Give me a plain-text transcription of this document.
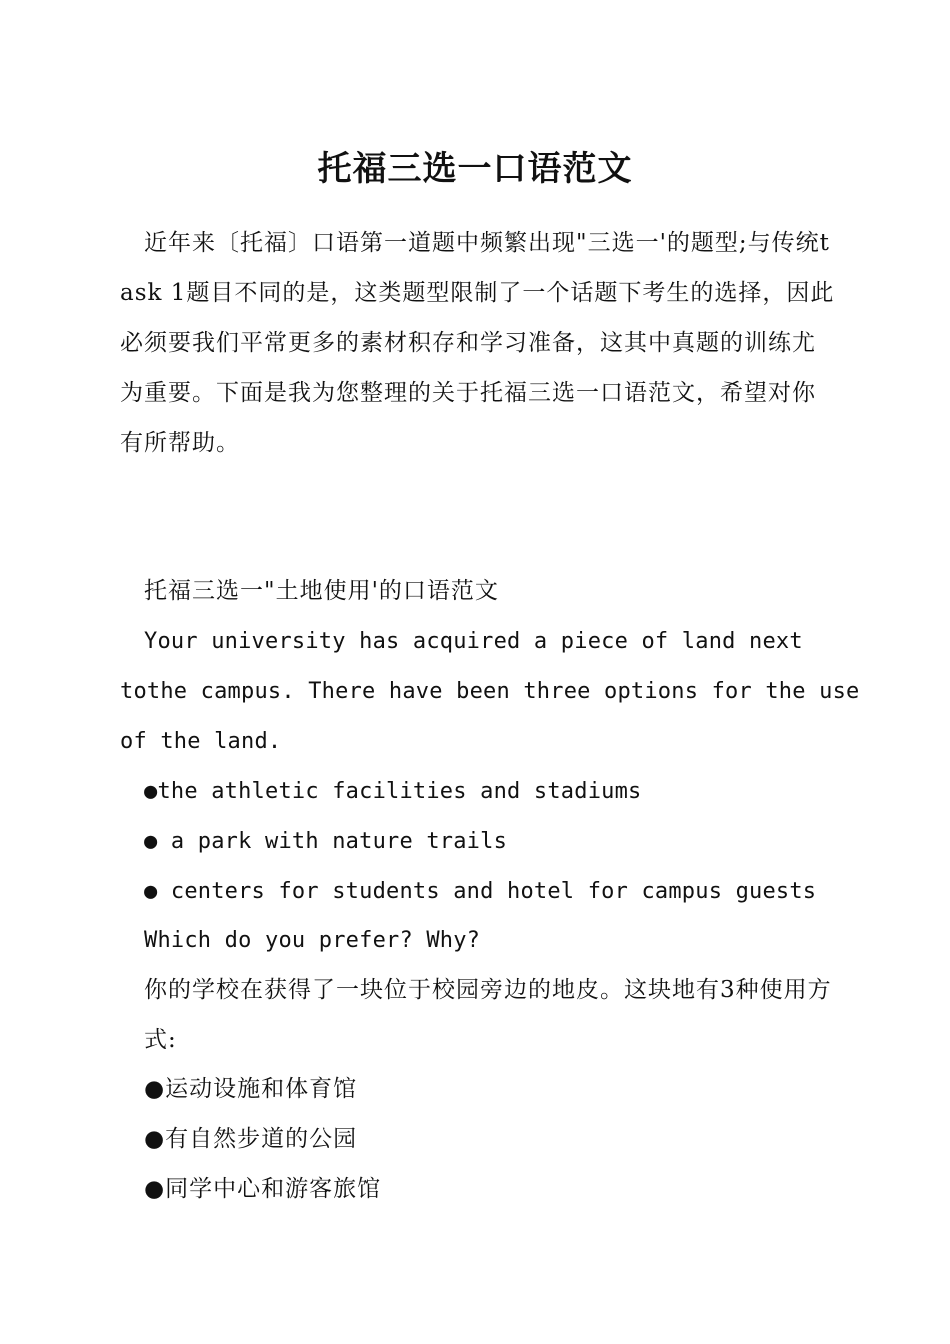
托福三选一口语范文

近年来〔托福〕口语第一道题中频繁出现"三选一'的题型;与传统task 1题目不同的是，这类题型限制了一个话题下考生的选择，因此必须要我们平常更多的素材积存和学习准备，这其中真题的训练尤为重要。下面是我为您整理的关于托福三选一口语范文，希望对你有所帮助。

托福三选一"土地使用'的口语范文

Your university has acquired a piece of land next

tothe campus. There have been three options for the use

of the land.

●the athletic facilities and stadiums

● a park with nature trails

● centers for students and hotel for campus guests

Which do you prefer? Why?

你的学校在获得了一块位于校园旁边的地皮。这块地有3种使用方式:

●运动设施和体育馆

●有自然步道的公园

●同学中心和游客旅馆
